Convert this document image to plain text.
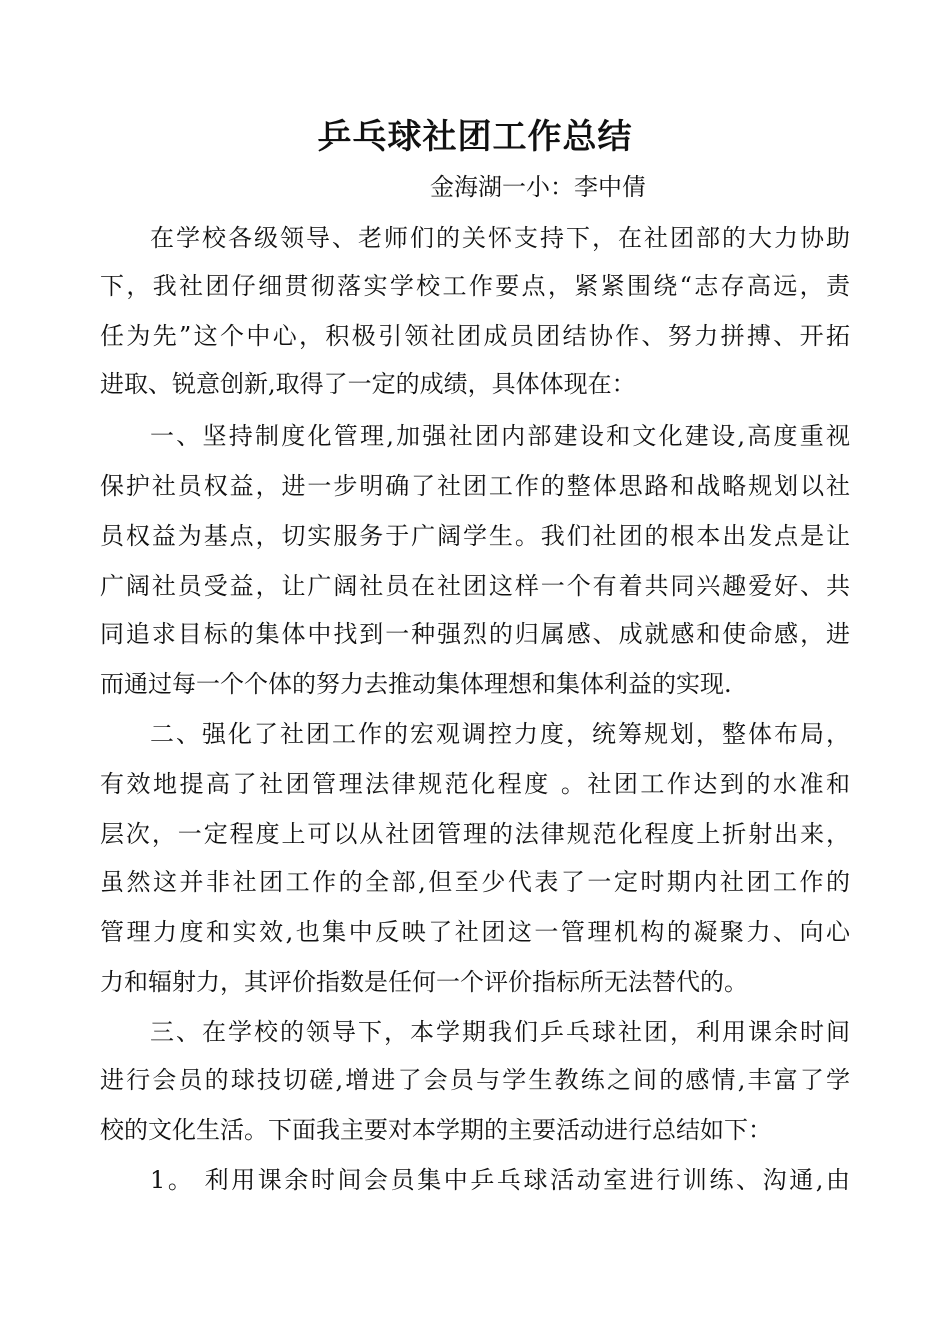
乒乓球社团工作总结
金海湖一小：李中倩
在学校各级领导、老师们的关怀支持下，在社团部的大力协助
下，我社团仔细贯彻落实学校工作要点，紧紧围绕“志存高远，责
任为先”这个中心，积极引领社团成员团结协作、努力拼搏、开拓
进取、锐意创新,取得了一定的成绩，具体体现在：
一、坚持制度化管理,加强社团内部建设和文化建设,高度重视
保护社员权益，进一步明确了社团工作的整体思路和战略规划以社
员权益为基点，切实服务于广阔学生。我们社团的根本出发点是让
广阔社员受益，让广阔社员在社团这样一个有着共同兴趣爱好、共
同追求目标的集体中找到一种强烈的归属感、成就感和使命感，进
而通过每一个个体的努力去推动集体理想和集体利益的实现.
二、强化了社团工作的宏观调控力度，统筹规划，整体布局，
有效地提高了社团管理法律规范化程度 。社团工作达到的水准和
层次，一定程度上可以从社团管理的法律规范化程度上折射出来，
虽然这并非社团工作的全部,但至少代表了一定时期内社团工作的
管理力度和实效,也集中反映了社团这一管理机构的凝聚力、向心
力和辐射力，其评价指数是任何一个评价指标所无法替代的。
三、在学校的领导下，本学期我们乒乓球社团，利用课余时间
进行会员的球技切磋,增进了会员与学生教练之间的感情,丰富了学
校的文化生活。下面我主要对本学期的主要活动进行总结如下：
1。 利用课余时间会员集中乒乓球活动室进行训练、沟通,由
